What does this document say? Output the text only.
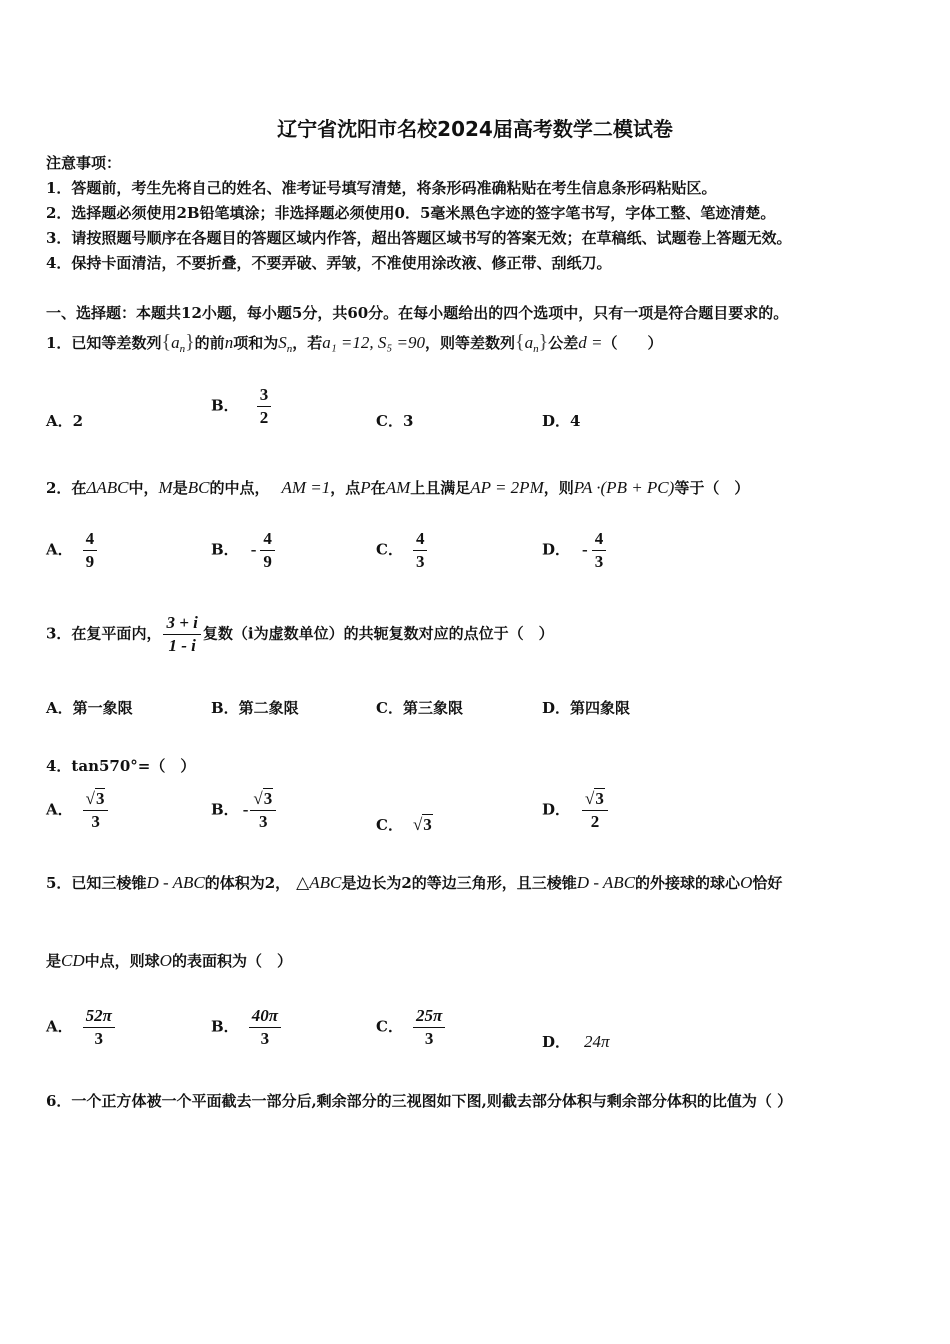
辽宁省沈阳市名校2024届高考数学二模试卷
注意事项：
1．答题前，考生先将自己的姓名、准考证号填写清楚，将条形码准确粘贴在考生信息条形码粘贴区。
2．选择题必须使用2B铅笔填涂；非选择题必须使用0．5毫米黑色字迹的签字笔书写，字体工整、笔迹清楚。
3．请按照题号顺序在各题目的答题区域内作答，超出答题区域书写的答案无效；在草稿纸、试题卷上答题无效。
4．保持卡面清洁，不要折叠，不要弄破、弄皱，不准使用涂改液、修正带、刮纸刀。
一、选择题：本题共12小题，每小题5分，共60分。在每小题给出的四个选项中，只有一项是符合题目要求的。
1．已知等差数列$\{a_n\}$的前n项和为$S_n$，若a₁ =12, S₅ =90，则等差数列$\{a_n\}$公差d =（　　）
A．2
B． $\frac{3}{2}$	C．3	D．4
2．在ΔABC中，M是BC的中点， AM =1，点P在AM上且满足AP = 2PM，则PA ·(PB + PC)等于（　）
A． $\frac{4}{9}$	B． - $\frac{4}{9}$	C． $\frac{4}{3}$	D． - $\frac{4}{3}$
3．在复平面内， $\frac{3 + i}{1 - i}$ 复数（i为虚数单位）的共轭复数对应的点位于（　）
A．第一象限	B．第二象限	C．第三象限	D．第四象限
4．tan570°=（　）
A． $\frac{√3}{3}$	B． - $\frac{√3}{3}$	C． √3
D． $\frac{√3}{2}$
5．已知三棱锥D - ABC的体积为2， △ABC是边长为2的等边三角形，且三棱锥D - ABC的外接球的球心O恰好
是CD中点，则球O的表面积为（　）
A． $\frac{52\pi}{3}$	B． $\frac{40\pi}{3}$	C． $\frac{25\pi}{3}$	D． 24π
6．一个正方体被一个平面截去一部分后,剩余部分的三视图如下图,则截去部分体积与剩余部分体积的比值为（ ）
